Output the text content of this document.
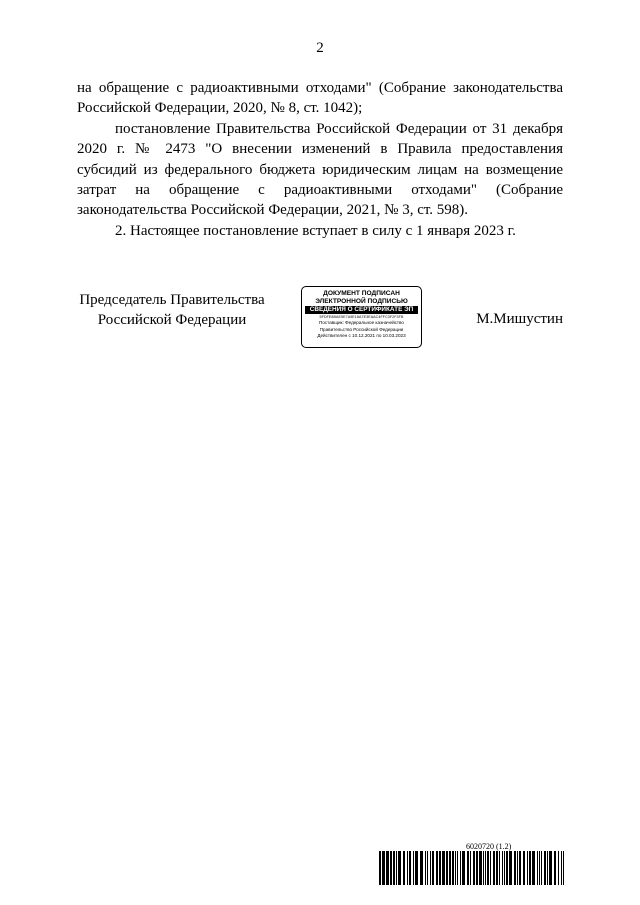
2

на обращение с радиоактивными отходами" (Собрание законодательства Российской Федерации, 2020, № 8, ст. 1042);

постановление Правительства Российской Федерации от 31 декабря 2020 г. № 2473 "О внесении изменений в Правила предоставления субсидий из федерального бюджета юридическим лицам на возмещение затрат на обращение с радиоактивными отходами" (Собрание законодательства Российской Федерации, 2021, № 3, ст. 598).

2. Настоящее постановление вступает в силу с 1 января 2023 г.

Председатель Правительства
Российской Федерации
ДОКУМЕНТ ПОДПИСАН
ЭЛЕКТРОННОЙ ПОДПИСЬЮ
СВЕДЕНИЯ О СЕРТИФИКАТЕ ЭП
5FDFE8BAE5E7A9E18A7E3EAAC4FFC3F2F3FB
Поставщик: Федеральное казначейство
Правительство Российской Федерации
Действителен с 10.12.2021 по 10.03.2023
М.Мишустин
6020720 (1.2)
